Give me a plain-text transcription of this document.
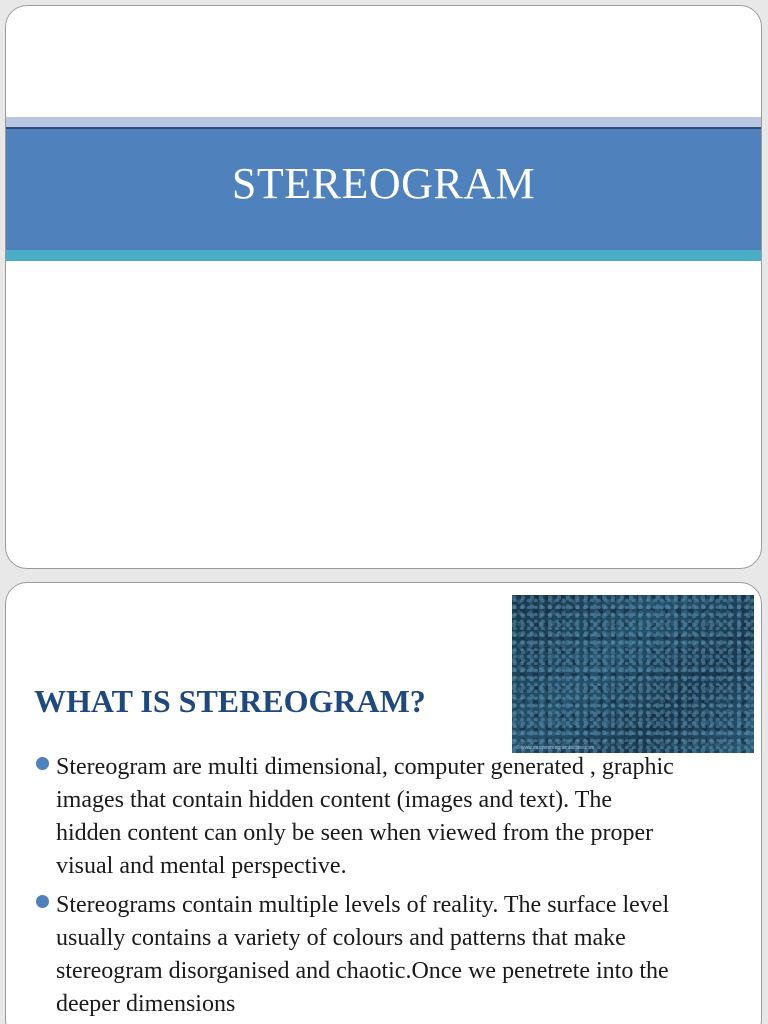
STEREOGRAM
© www.easystereogrambuilder.com
WHAT IS STEREOGRAM?
Stereogram are multi dimensional, computer generated , graphic images that contain hidden content (images and text). The hidden content can only be seen when viewed from the proper visual and mental perspective.
Stereograms contain multiple levels of reality. The surface level usually contains a variety of colours and patterns that make stereogram disorganised and chaotic.Once we penetrete into the deeper dimensions
